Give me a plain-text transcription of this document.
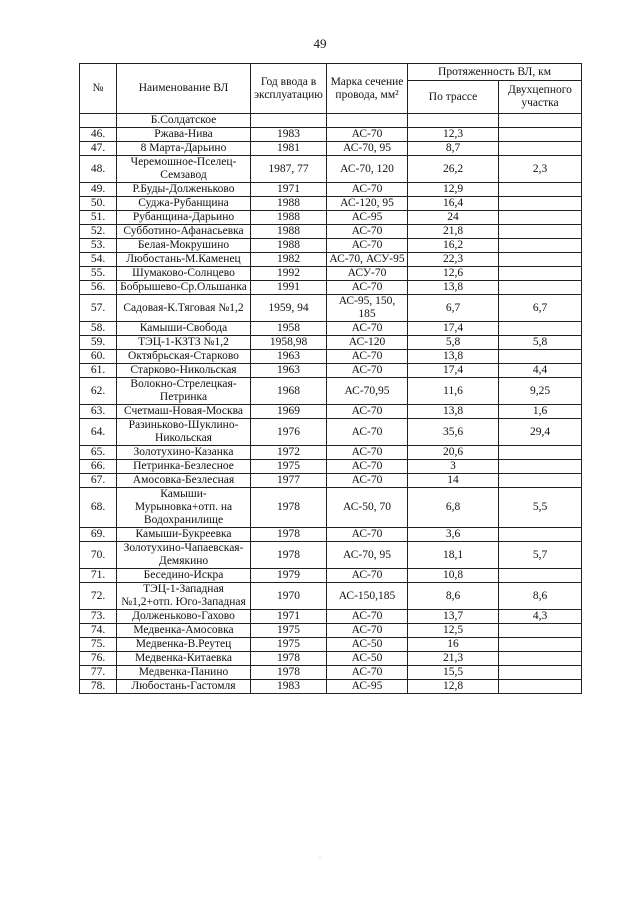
49
№	Наименование ВЛ	Год ввода в эксплуатацию	Марка сечение провода, мм²	Протяженность ВЛ, км	
				По трассе	Двухцепного участка
	Б.Солдатское				
46.	Ржава-Нива	1983	АС-70	12,3	
47.	8 Марта-Дарьино	1981	АС-70, 95	8,7	
48.	Черемошное-Пселец-Семзавод	1987, 77	АС-70, 120	26,2	2,3
49.	Р.Буды-Долженьково	1971	АС-70	12,9	
50.	Суджа-Рубанщина	1988	АС-120, 95	16,4	
51.	Рубанщина-Дарьино	1988	АС-95	24	
52.	Субботино-Афанасьевка	1988	АС-70	21,8	
53.	Белая-Мокрушино	1988	АС-70	16,2	
54.	Любостань-М.Каменец	1982	АС-70, АСУ-95	22,3	
55.	Шумаково-Солнцево	1992	АСУ-70	12,6	
56.	Бобрышево-Ср.Ольшанка	1991	АС-70	13,8	
57.	Садовая-К.Тяговая №1,2	1959, 94	АС-95, 150, 185	6,7	6,7
58.	Камыши-Свобода	1958	АС-70	17,4	
59.	ТЭЦ-1-КЗТЗ №1,2	1958,98	АС-120	5,8	5,8
60.	Октябрьская-Старково	1963	АС-70	13,8	
61.	Старково-Никольская	1963	АС-70	17,4	4,4
62.	Волокно-Стрелецкая-Петринка	1968	АС-70,95	11,6	9,25
63.	Счетмаш-Новая-Москва	1969	АС-70	13,8	1,6
64.	Разиньково-Шуклино-Никольская	1976	АС-70	35,6	29,4
65.	Золотухино-Казанка	1972	АС-70	20,6	
66.	Петринка-Безлесное	1975	АС-70	3	
67.	Амосовка-Безлесная	1977	АС-70	14	
68.	Камыши-Мурыновка+отп. на Водохранилище	1978	АС-50, 70	6,8	5,5
69.	Камыши-Букреевка	1978	АС-70	3,6	
70.	Золотухино-Чапаевская-Демякино	1978	АС-70, 95	18,1	5,7
71.	Беседино-Искра	1979	АС-70	10,8	
72.	ТЭЦ-1-Западная №1,2+отп. Юго-Западная	1970	АС-150,185	8,6	8,6
73.	Долженьково-Гахово	1971	АС-70	13,7	4,3
74.	Медвенка-Амосовка	1975	АС-70	12,5	
75.	Медвенка-В.Реутец	1975	АС-50	16	
76.	Медвенка-Китаевка	1978	АС-50	21,3	
77.	Медвенка-Панино	1978	АС-70	15,5	
78.	Любостань-Гастомля	1983	АС-95	12,8	
.
